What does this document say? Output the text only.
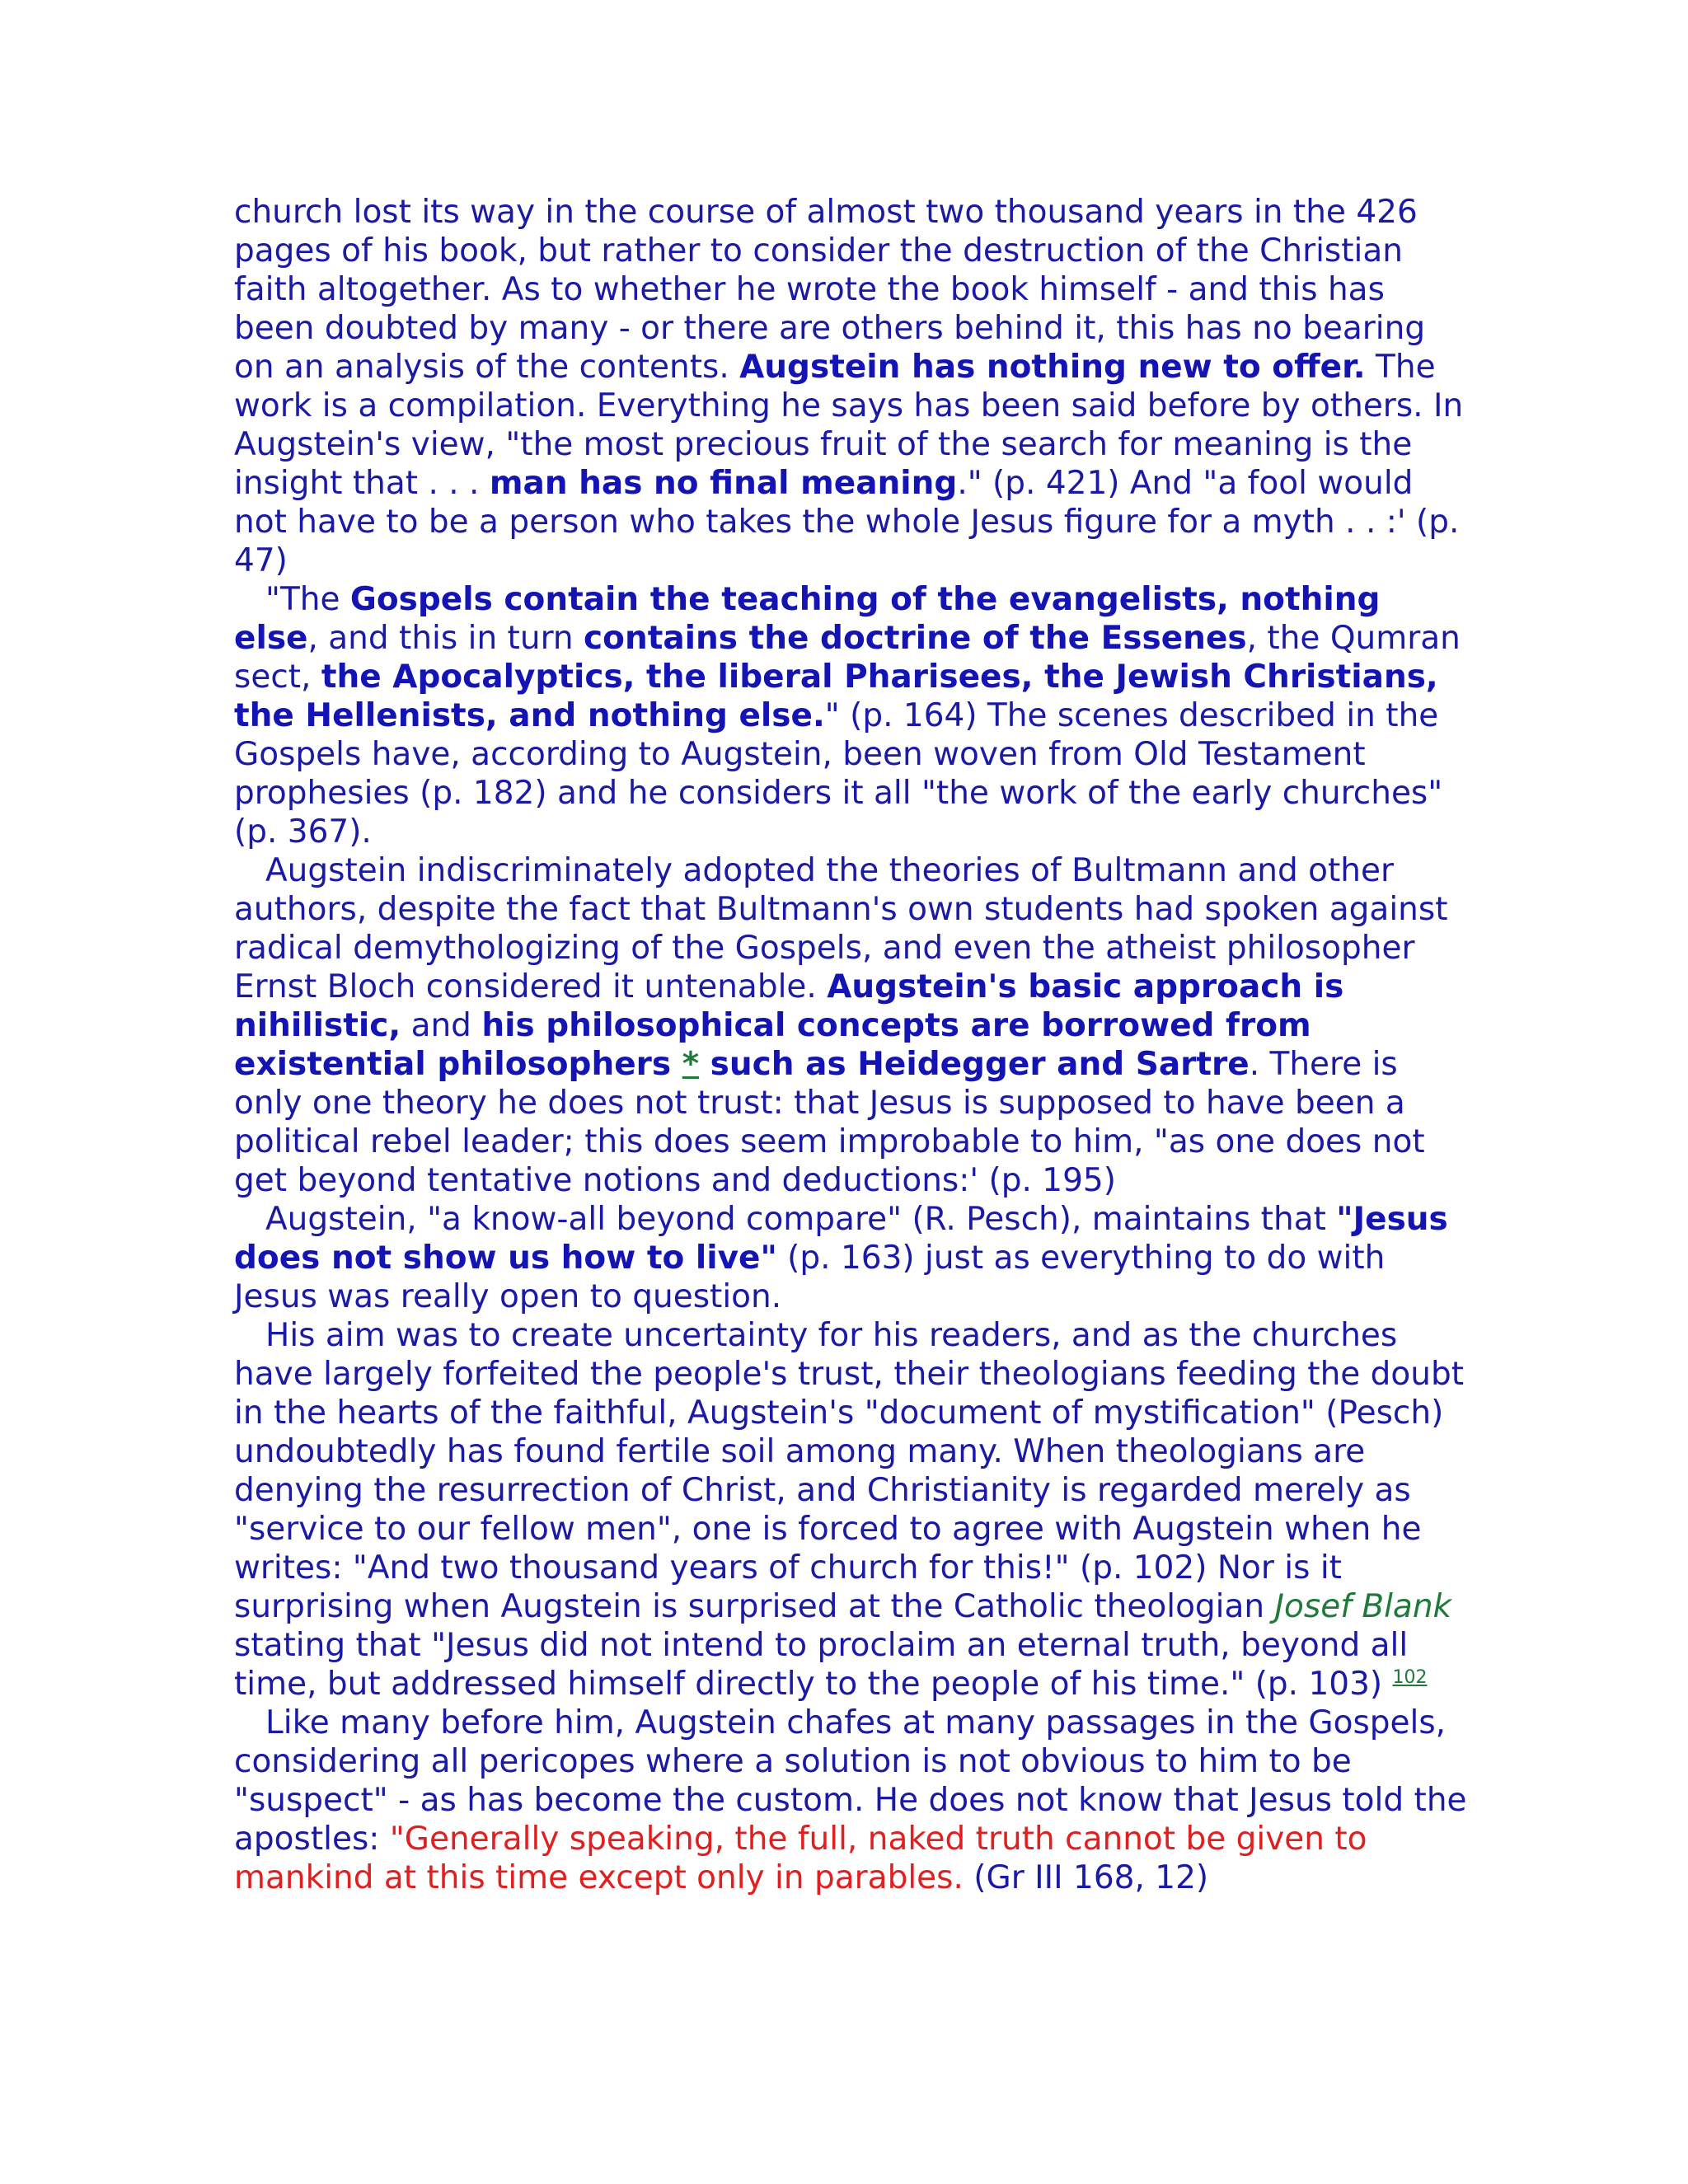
church lost its way in the course of almost two thousand years in the 426 pages of his book, but rather to consider the destruction of the Christian faith altogether. As to whether he wrote the book himself - and this has been doubted by many - or there are others behind it, this has no bearing on an analysis of the contents. Augstein has nothing new to offer. The work is a compilation. Everything he says has been said before by others. In Augstein's view, "the most precious fruit of the search for meaning is the insight that . . . man has no final meaning." (p. 421) And "a fool would not have to be a person who takes the whole Jesus figure for a myth . . :' (p. 47)

"The Gospels contain the teaching of the evangelists, nothing else, and this in turn contains the doctrine of the Essenes, the Qumran sect, the Apocalyptics, the liberal Pharisees, the Jewish Christians, the Hellenists, and nothing else." (p. 164) The scenes described in the Gospels have, according to Augstein, been woven from Old Testament prophesies (p. 182) and he considers it all "the work of the early churches" (p. 367).

Augstein indiscriminately adopted the theories of Bultmann and other authors, despite the fact that Bultmann's own students had spoken against radical demythologizing of the Gospels, and even the atheist philosopher Ernst Bloch considered it untenable. Augstein's basic approach is nihilistic, and his philosophical concepts are borrowed from existential philosophers * such as Heidegger and Sartre. There is only one theory he does not trust: that Jesus is supposed to have been a political rebel leader; this does seem improbable to him, "as one does not get beyond tentative notions and deductions:' (p. 195)

Augstein, "a know-all beyond compare" (R. Pesch), maintains that "Jesus does not show us how to live" (p. 163) just as everything to do with Jesus was really open to question.

His aim was to create uncertainty for his readers, and as the churches have largely forfeited the people's trust, their theologians feeding the doubt in the hearts of the faithful, Augstein's "document of mystification" (Pesch) undoubtedly has found fertile soil among many. When theologians are denying the resurrection of Christ, and Christianity is regarded merely as "service to our fellow men", one is forced to agree with Augstein when he writes: "And two thousand years of church for this!" (p. 102) Nor is it surprising when Augstein is surprised at the Catholic theologian Josef Blank stating that "Jesus did not intend to proclaim an eternal truth, beyond all time, but addressed himself directly to the people of his time." (p. 103) $^{102}$

Like many before him, Augstein chafes at many passages in the Gospels, considering all pericopes where a solution is not obvious to him to be "suspect" - as has become the custom. He does not know that Jesus told the apostles: "Generally speaking, the full, naked truth cannot be given to mankind at this time except only in parables. (Gr III 168, 12)
